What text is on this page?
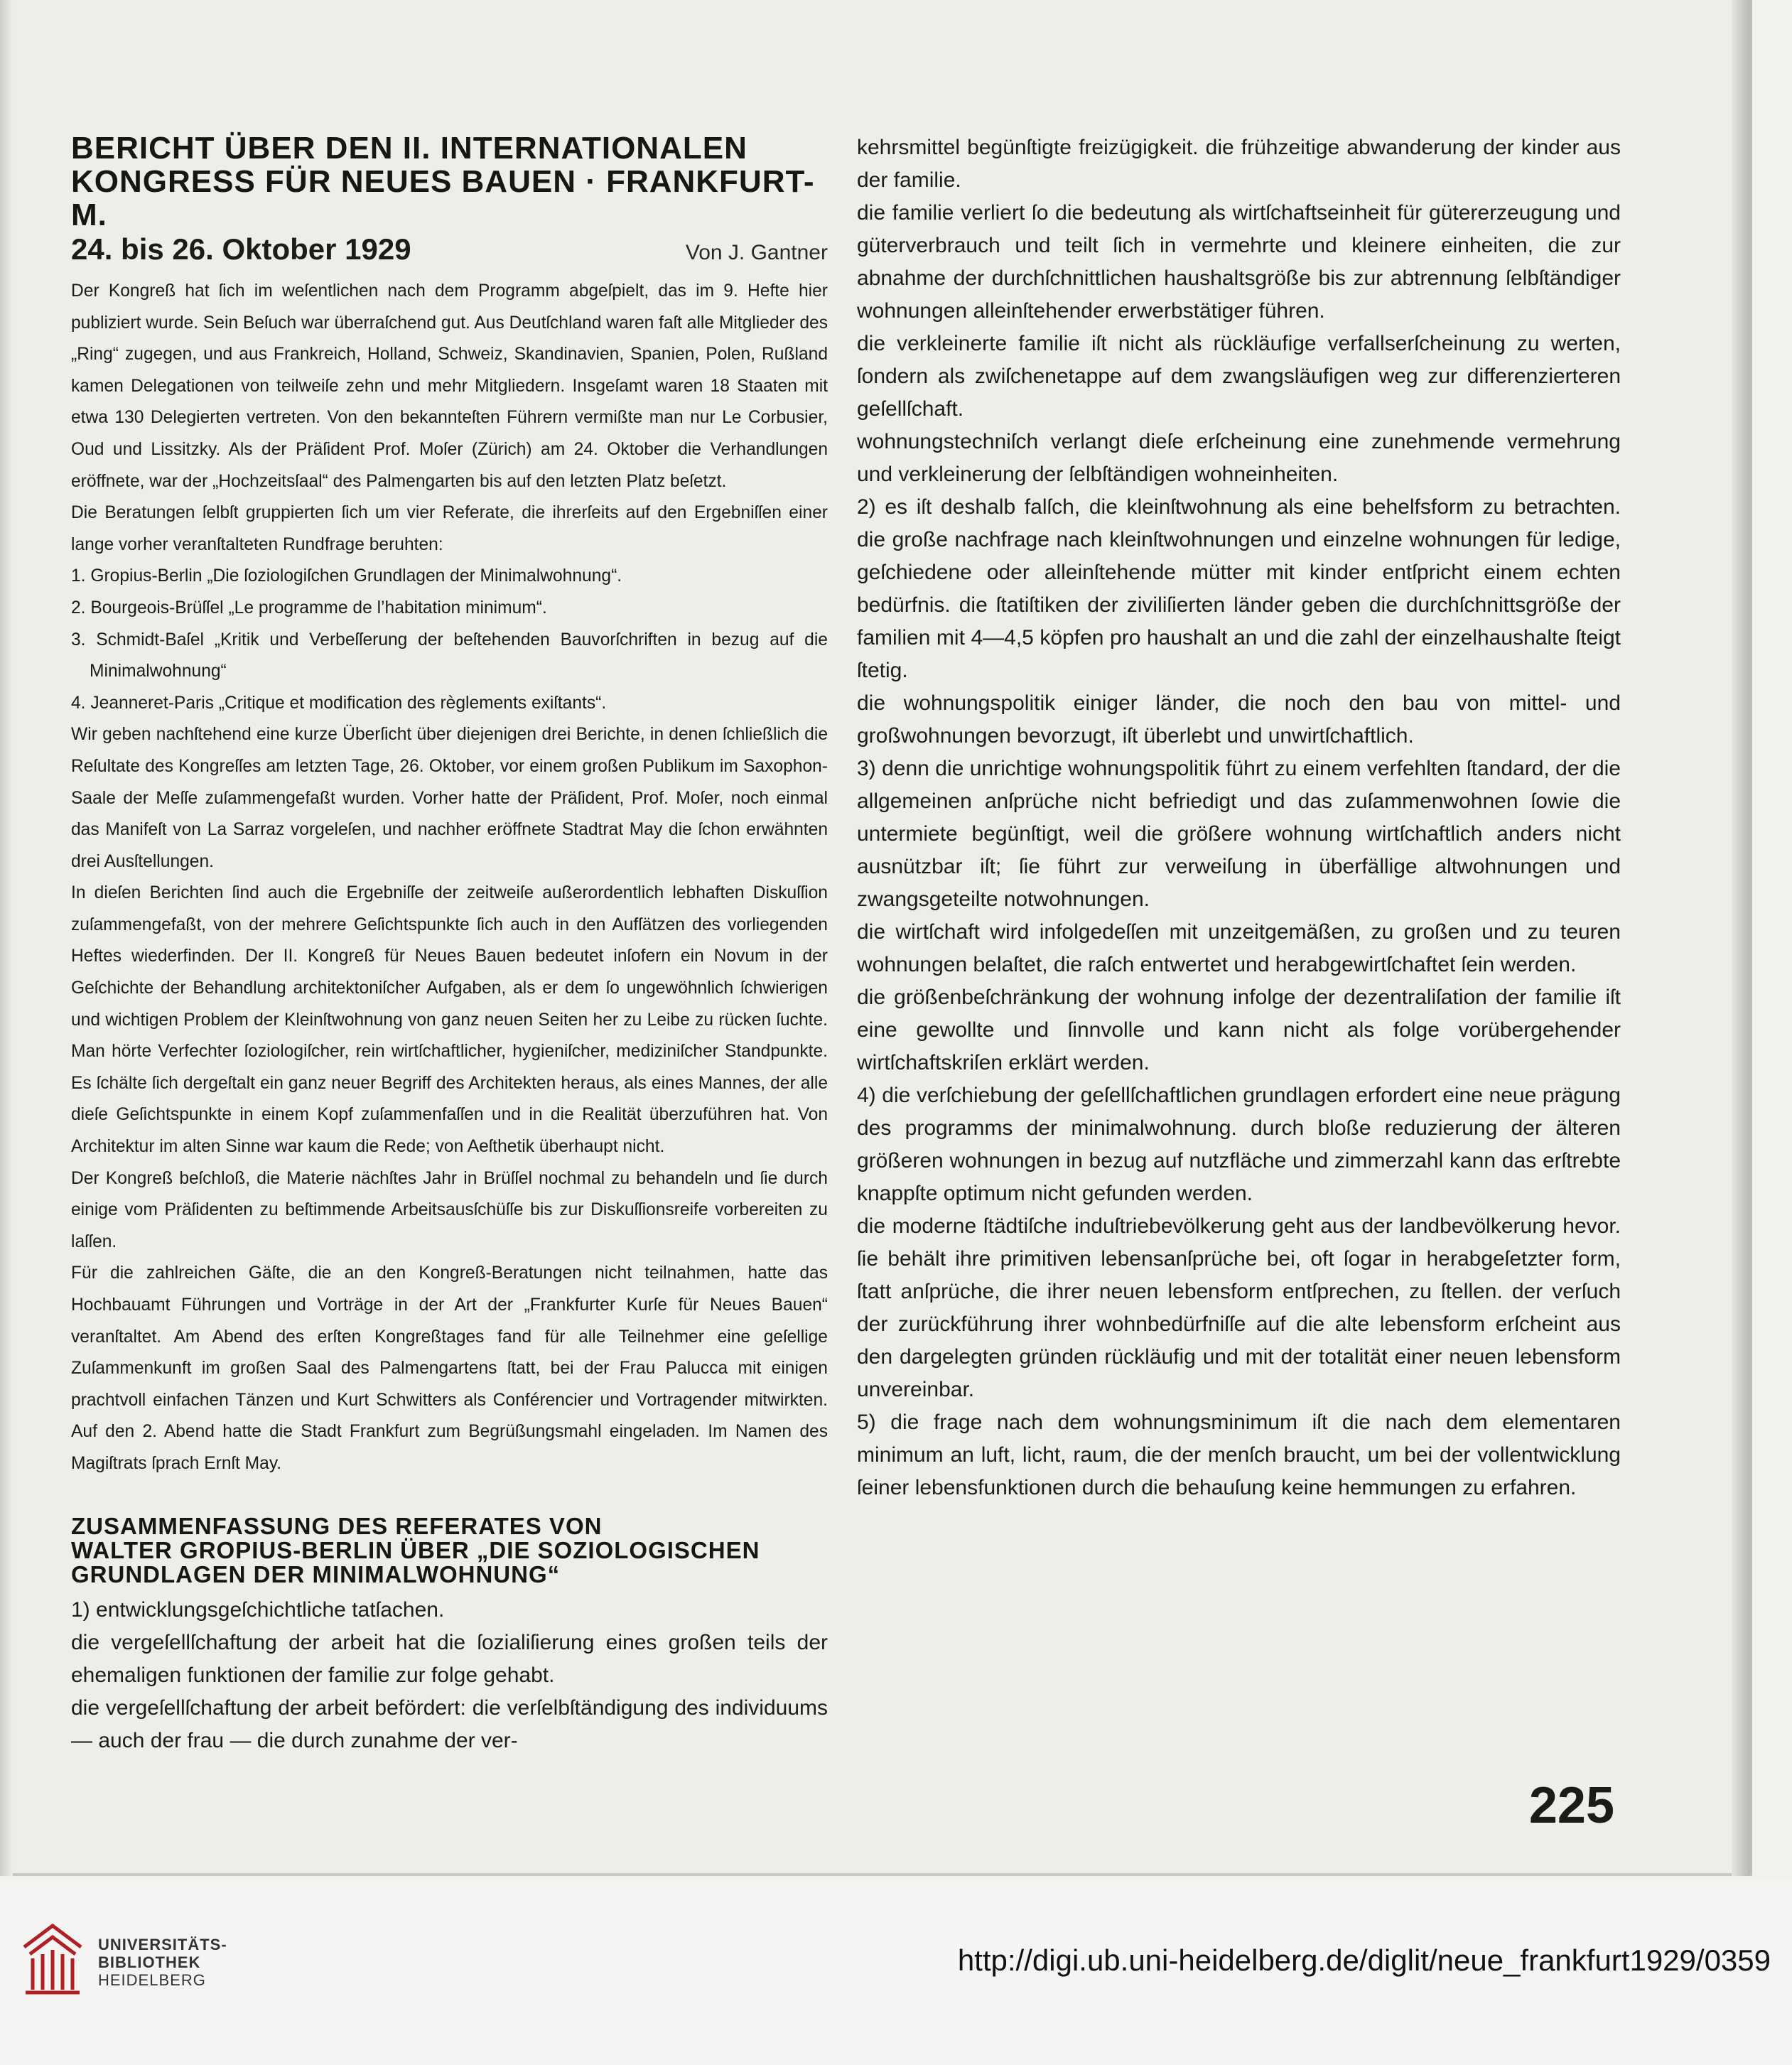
BERICHT ÜBER DEN II. INTERNATIONALEN
KONGRESS FÜR NEUES BAUEN · FRANKFURT-M.
24. bis 26. Oktober 1929	Von J. Gantner

Der Kongreß hat ſich im weſentlichen nach dem Programm abgeſpielt, das im 9. Hefte hier publiziert wurde. Sein Beſuch war überraſchend gut. Aus Deutſchland waren faſt alle Mitglieder des „Ring“ zugegen, und aus Frankreich, Holland, Schweiz, Skandinavien, Spanien, Polen, Rußland kamen Delegationen von teilweiſe zehn und mehr Mitgliedern. Insgeſamt waren 18 Staaten mit etwa 130 Delegierten vertreten. Von den bekannteſten Führern vermißte man nur Le Corbusier, Oud und Lissitzky. Als der Präſident Prof. Moſer (Zürich) am 24. Oktober die Verhandlungen eröffnete, war der „Hochzeitsſaal“ des Palmengarten bis auf den letzten Platz beſetzt.

Die Beratungen ſelbſt gruppierten ſich um vier Referate, die ihrerſeits auf den Ergebniſſen einer lange vorher veranſtalteten Rundfrage beruhten:

1. Gropius-Berlin „Die ſoziologiſchen Grundlagen der Minimalwohnung“.
2. Bourgeois-Brüſſel „Le programme de l’habitation minimum“.
3. Schmidt-Baſel „Kritik und Verbeſſerung der beſtehenden Bauvorſchriften in bezug auf die Minimalwohnung“
4. Jeanneret-Paris „Critique et modification des règlements exiſtants“.

Wir geben nachſtehend eine kurze Überſicht über diejenigen drei Berichte, in denen ſchließlich die Reſultate des Kongreſſes am letzten Tage, 26. Oktober, vor einem großen Publikum im Saxophon-Saale der Meſſe zuſammengefaßt wurden. Vorher hatte der Präſident, Prof. Moſer, noch einmal das Manifeſt von La Sarraz vorgeleſen, und nachher eröffnete Stadtrat May die ſchon erwähnten drei Ausſtellungen.

In dieſen Berichten ſind auch die Ergebniſſe der zeitweiſe außerordentlich lebhaften Diskuſſion zuſammengefaßt, von der mehrere Geſichtspunkte ſich auch in den Aufſätzen des vorliegenden Heftes wiederfinden. Der II. Kongreß für Neues Bauen bedeutet inſofern ein Novum in der Geſchichte der Behandlung architektoniſcher Aufgaben, als er dem ſo ungewöhnlich ſchwierigen und wichtigen Problem der Kleinſtwohnung von ganz neuen Seiten her zu Leibe zu rücken ſuchte. Man hörte Verfechter ſoziologiſcher, rein wirtſchaftlicher, hygieniſcher, mediziniſcher Standpunkte. Es ſchälte ſich dergeſtalt ein ganz neuer Begriff des Architekten heraus, als eines Mannes, der alle dieſe Geſichtspunkte in einem Kopf zuſammenfaſſen und in die Realität überzuführen hat. Von Architektur im alten Sinne war kaum die Rede; von Aeſthetik überhaupt nicht.

Der Kongreß beſchloß, die Materie nächſtes Jahr in Brüſſel nochmal zu behandeln und ſie durch einige vom Präſidenten zu beſtimmende Arbeitsausſchüſſe bis zur Diskuſſionsreife vorbereiten zu laſſen.

Für die zahlreichen Gäſte, die an den Kongreß-Beratungen nicht teilnahmen, hatte das Hochbauamt Führungen und Vorträge in der Art der „Frankfurter Kurſe für Neues Bauen“ veranſtaltet. Am Abend des erſten Kongreßtages fand für alle Teilnehmer eine geſellige Zuſammenkunft im großen Saal des Palmengartens ſtatt, bei der Frau Palucca mit einigen prachtvoll einfachen Tänzen und Kurt Schwitters als Conférencier und Vortragender mitwirkten. Auf den 2. Abend hatte die Stadt Frankfurt zum Begrüßungsmahl eingeladen. Im Namen des Magiſtrats ſprach Ernſt May.

ZUSAMMENFASSUNG DES REFERATES VON
WALTER GROPIUS-BERLIN ÜBER „DIE SOZIOLOGISCHEN
GRUNDLAGEN DER MINIMALWOHNUNG“

1) entwicklungsgeſchichtliche tatſachen.

die vergeſellſchaftung der arbeit hat die ſozialiſierung eines großen teils der ehemaligen funktionen der familie zur folge gehabt.

die vergeſellſchaftung der arbeit befördert: die verſelbſtändigung des individuums — auch der frau — die durch zunahme der ver-

kehrsmittel begünſtigte freizügigkeit. die frühzeitige abwanderung der kinder aus der familie.

die familie verliert ſo die bedeutung als wirtſchaftseinheit für gütererzeugung und güterverbrauch und teilt ſich in vermehrte und kleinere einheiten, die zur abnahme der durchſchnittlichen haushaltsgröße bis zur abtrennung ſelbſtändiger wohnungen alleinſtehender erwerbstätiger führen.

die verkleinerte familie iſt nicht als rückläufige verfallserſcheinung zu werten, ſondern als zwiſchenetappe auf dem zwangsläufigen weg zur differenzierteren geſellſchaft.

wohnungstechniſch verlangt dieſe erſcheinung eine zunehmende vermehrung und verkleinerung der ſelbſtändigen wohneinheiten.

2) es iſt deshalb falſch, die kleinſtwohnung als eine behelfsform zu betrachten. die große nachfrage nach kleinſtwohnungen und einzelne wohnungen für ledige, geſchiedene oder alleinſtehende mütter mit kinder entſpricht einem echten bedürfnis. die ſtatiſtiken der ziviliſierten länder geben die durchſchnittsgröße der familien mit 4—4,5 köpfen pro haushalt an und die zahl der einzelhaushalte ſteigt ſtetig.

die wohnungspolitik einiger länder, die noch den bau von mittel- und großwohnungen bevorzugt, iſt überlebt und unwirtſchaftlich.

3) denn die unrichtige wohnungspolitik führt zu einem verfehlten ſtandard, der die allgemeinen anſprüche nicht befriedigt und das zuſammenwohnen ſowie die untermiete begünſtigt, weil die größere wohnung wirtſchaftlich anders nicht ausnützbar iſt; ſie führt zur verweiſung in überfällige altwohnungen und zwangsgeteilte notwohnungen.

die wirtſchaft wird infolgedeſſen mit unzeitgemäßen, zu großen und zu teuren wohnungen belaſtet, die raſch entwertet und herabgewirtſchaftet ſein werden.

die größenbeſchränkung der wohnung infolge der dezentraliſation der familie iſt eine gewollte und ſinnvolle und kann nicht als folge vorübergehender wirtſchaftskriſen erklärt werden.

4) die verſchiebung der geſellſchaftlichen grundlagen erfordert eine neue prägung des programms der minimalwohnung. durch bloße reduzierung der älteren größeren wohnungen in bezug auf nutzfläche und zimmerzahl kann das erſtrebte knappſte optimum nicht gefunden werden.

die moderne ſtädtiſche induſtriebevölkerung geht aus der landbevölkerung hevor. ſie behält ihre primitiven lebensanſprüche bei, oft ſogar in herabgeſetzter form, ſtatt anſprüche, die ihrer neuen lebensform entſprechen, zu ſtellen. der verſuch der zurückführung ihrer wohnbedürfniſſe auf die alte lebensform erſcheint aus den dargelegten gründen rückläufig und mit der totalität einer neuen lebensform unvereinbar.

5) die frage nach dem wohnungsminimum iſt die nach dem elementaren minimum an luft, licht, raum, die der menſch braucht, um bei der vollentwicklung ſeiner lebensfunktionen durch die behauſung keine hemmungen zu erfahren.

225
UNIVERSITÄTS-
BIBLIOTHEK
HEIDELBERG
http://digi.ub.uni-heidelberg.de/diglit/neue_frankfurt1929/0359
